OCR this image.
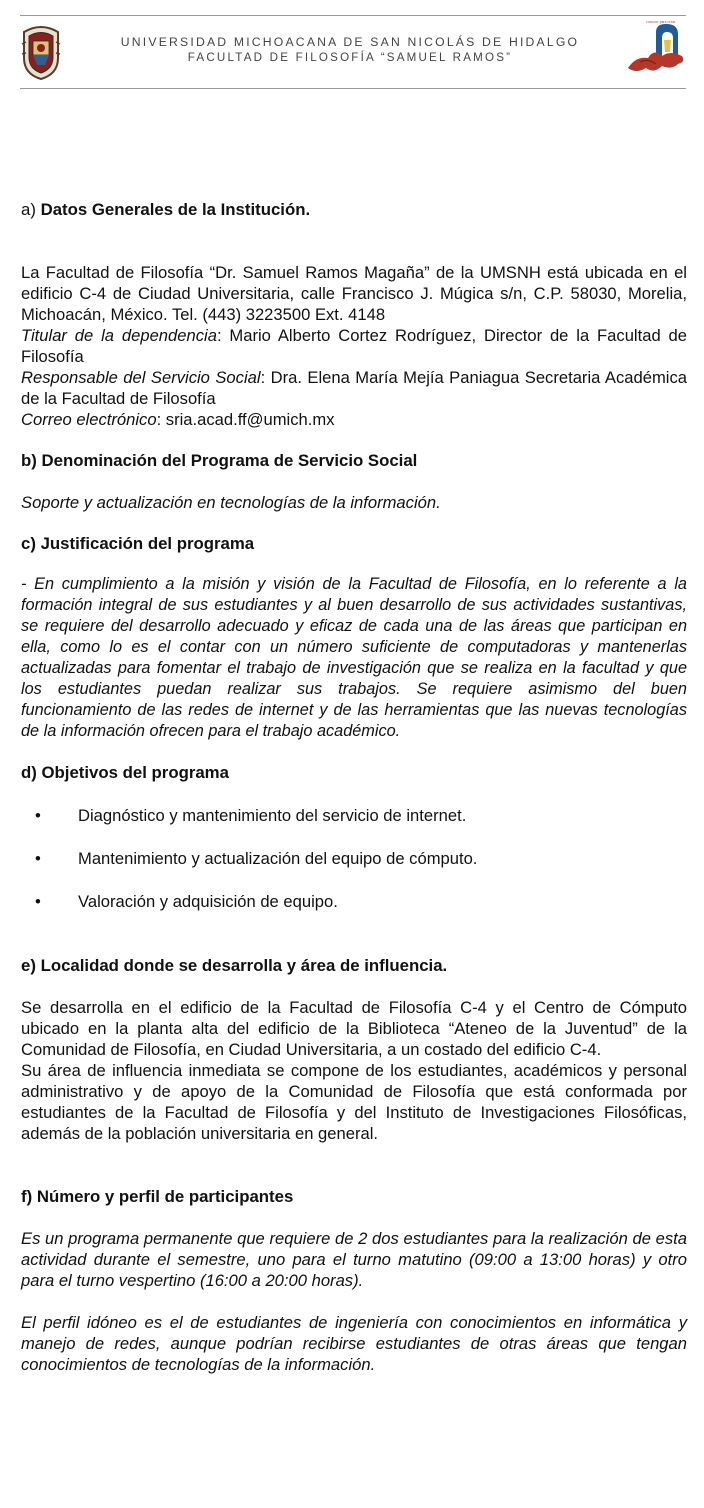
UNIVERSIDAD MICHOACANA DE SAN NICOLÁS DE HIDALGO
FACULTAD DE FILOSOFÍA “SAMUEL RAMOS”
conocer para crear

a) Datos Generales de la Institución.

La Facultad de Filosofía “Dr. Samuel Ramos Magaña” de la UMSNH está ubicada en el edificio C-4 de Ciudad Universitaria, calle Francisco J. Múgica s/n, C.P. 58030, Morelia, Michoacán, México. Tel. (443) 3223500 Ext. 4148

Titular de la dependencia: Mario Alberto Cortez Rodríguez, Director de la Facultad de Filosofía

Responsable del Servicio Social: Dra. Elena María Mejía Paniagua Secretaria Académica de la Facultad de Filosofía

Correo electrónico: sria.acad.ff@umich.mx

b) Denominación del Programa de Servicio Social

Soporte y actualización en tecnologías de la información.

c) Justificación del programa

- En cumplimiento a la misión y visión de la Facultad de Filosofía, en lo referente a la formación integral de sus estudiantes y al buen desarrollo de sus actividades sustantivas, se requiere del desarrollo adecuado y eficaz de cada una de las áreas que participan en ella, como lo es el contar con un número suficiente de computadoras y mantenerlas actualizadas para fomentar el trabajo de investigación que se realiza en la facultad y que los estudiantes puedan realizar sus trabajos. Se requiere asimismo del buen funcionamiento de las redes de internet y de las herramientas que las nuevas tecnologías de la información ofrecen para el trabajo académico.

d) Objetivos del programa

• Diagnóstico y mantenimiento del servicio de internet.
• Mantenimiento y actualización del equipo de cómputo.
• Valoración y adquisición de equipo.

e) Localidad donde se desarrolla y área de influencia.

Se desarrolla en el edificio de la Facultad de Filosofía C-4 y el Centro de Cómputo ubicado en la planta alta del edificio de la Biblioteca “Ateneo de la Juventud” de la Comunidad de Filosofía, en Ciudad Universitaria, a un costado del edificio C-4.

Su área de influencia inmediata se compone de los estudiantes, académicos y personal administrativo y de apoyo de la Comunidad de Filosofía que está conformada por estudiantes de la Facultad de Filosofía y del Instituto de Investigaciones Filosóficas, además de la población universitaria en general.

f) Número y perfil de participantes

Es un programa permanente que requiere de 2 dos estudiantes para la realización de esta actividad durante el semestre, uno para el turno matutino (09:00 a 13:00 horas) y otro para el turno vespertino (16:00 a 20:00 horas).

El perfil idóneo es el de estudiantes de ingeniería con conocimientos en informática y manejo de redes, aunque podrían recibirse estudiantes de otras áreas que tengan conocimientos de tecnologías de la información.
